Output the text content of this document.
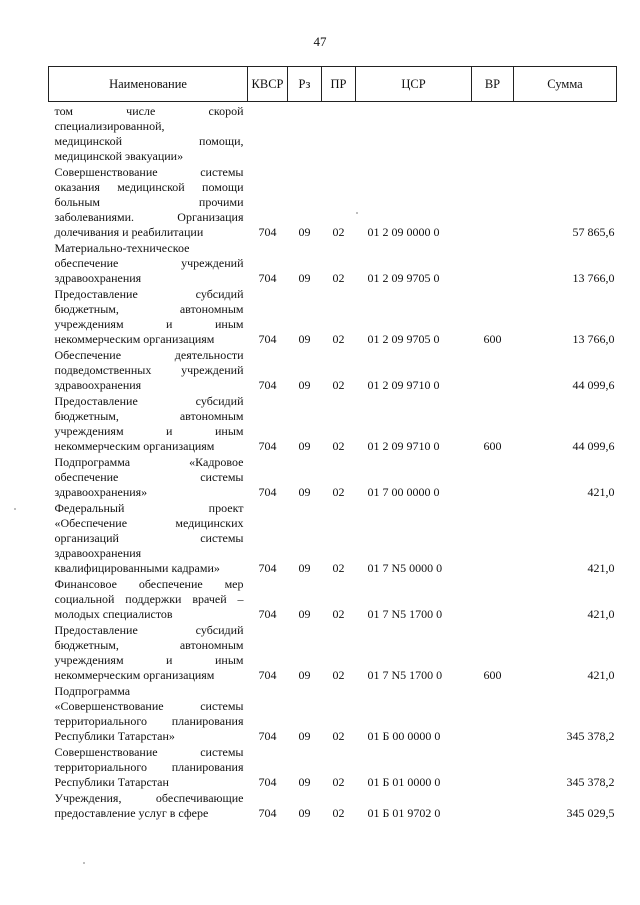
47
Наименование	КВСР	Рз	ПР	ЦСР	ВР	Сумма

том числе скорой
специализированной,
медицинской помощи,
медицинской эвакуации»						

Совершенствование системы
оказания медицинской помощи
больным прочими
заболеваниями. Организация
долечивания и реабилитации	704	09	02	01 2 09 0000 0		57 865,6

Материально-техническое
обеспечение учреждений
здравоохранения	704	09	02	01 2 09 9705 0		13 766,0

Предоставление субсидий
бюджетным, автономным
учреждениям и иным
некоммерческим организациям	704	09	02	01 2 09 9705 0	600	13 766,0

Обеспечение деятельности
подведомственных учреждений
здравоохранения	704	09	02	01 2 09 9710 0		44 099,6

Предоставление субсидий
бюджетным, автономным
учреждениям и иным
некоммерческим организациям	704	09	02	01 2 09 9710 0	600	44 099,6

Подпрограмма «Кадровое
обеспечение системы
здравоохранения»	704	09	02	01 7 00 0000 0		421,0

Федеральный проект
«Обеспечение медицинских
организаций системы
здравоохранения
квалифицированными кадрами»	704	09	02	01 7 N5 0000 0		421,0

Финансовое обеспечение мер
социальной поддержки врачей –
молодых специалистов	704	09	02	01 7 N5 1700 0		421,0

Предоставление субсидий
бюджетным, автономным
учреждениям и иным
некоммерческим организациям	704	09	02	01 7 N5 1700 0	600	421,0

Подпрограмма
«Совершенствование системы
территориального планирования
Республики Татарстан»	704	09	02	01 Б 00 0000 0		345 378,2

Совершенствование системы
территориального планирования
Республики Татарстан	704	09	02	01 Б 01 0000 0		345 378,2

Учреждения, обеспечивающие
предоставление услуг в сфере	704	09	02	01 Б 01 9702 0		345 029,5
